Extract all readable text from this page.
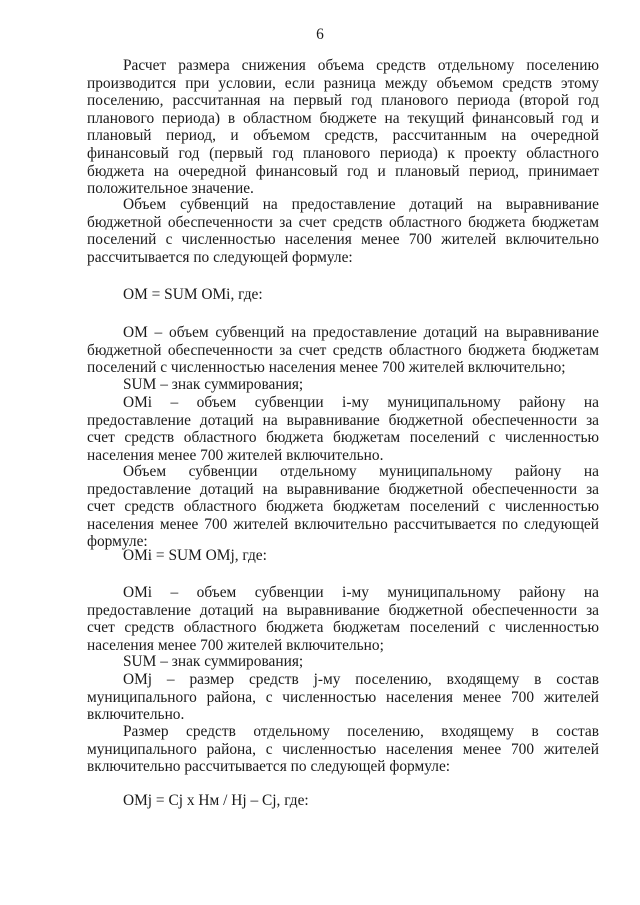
6

Расчет размера снижения объема средств отдельному поселению производится при условии, если разница между объемом средств этому поселению, рассчитанная на первый год планового периода (второй год планового периода) в областном бюджете на текущий финансовый год и плановый период, и объемом средств, рассчитанным на очередной финансовый год (первый год планового периода) к проекту областного бюджета на очередной финансовый год и плановый период, принимает положительное значение.

Объем субвенций на предоставление дотаций на выравнивание бюджетной обеспеченности за счет средств областного бюджета бюджетам поселений с численностью населения менее 700 жителей включительно рассчитывается по следующей формуле:

ОМ = SUM ОМi, где:

ОМ – объем субвенций на предоставление дотаций на выравнивание бюджетной обеспеченности за счет средств областного бюджета бюджетам поселений с численностью населения менее 700 жителей включительно;

SUM – знак суммирования;

ОМi – объем субвенции i-му муниципальному району на предоставление дотаций на выравнивание бюджетной обеспеченности за счет средств областного бюджета бюджетам поселений с численностью населения менее 700 жителей включительно.

Объем субвенции отдельному муниципальному району на предоставление дотаций на выравнивание бюджетной обеспеченности за счет средств областного бюджета бюджетам поселений с численностью населения менее 700 жителей включительно рассчитывается по следующей формуле:

ОМi = SUM ОМj, где:

ОМi – объем субвенции i-му муниципальному району на предоставление дотаций на выравнивание бюджетной обеспеченности за счет средств областного бюджета бюджетам поселений с численностью населения менее 700 жителей включительно;

SUM – знак суммирования;

ОМj – размер средств j-му поселению, входящему в состав муниципального района, с численностью населения менее 700 жителей включительно.

Размер средств отдельному поселению, входящему в состав муниципального района, с численностью населения менее 700 жителей включительно рассчитывается по следующей формуле:

ОМj = Cj x Нм / Нj – Cj, где:
